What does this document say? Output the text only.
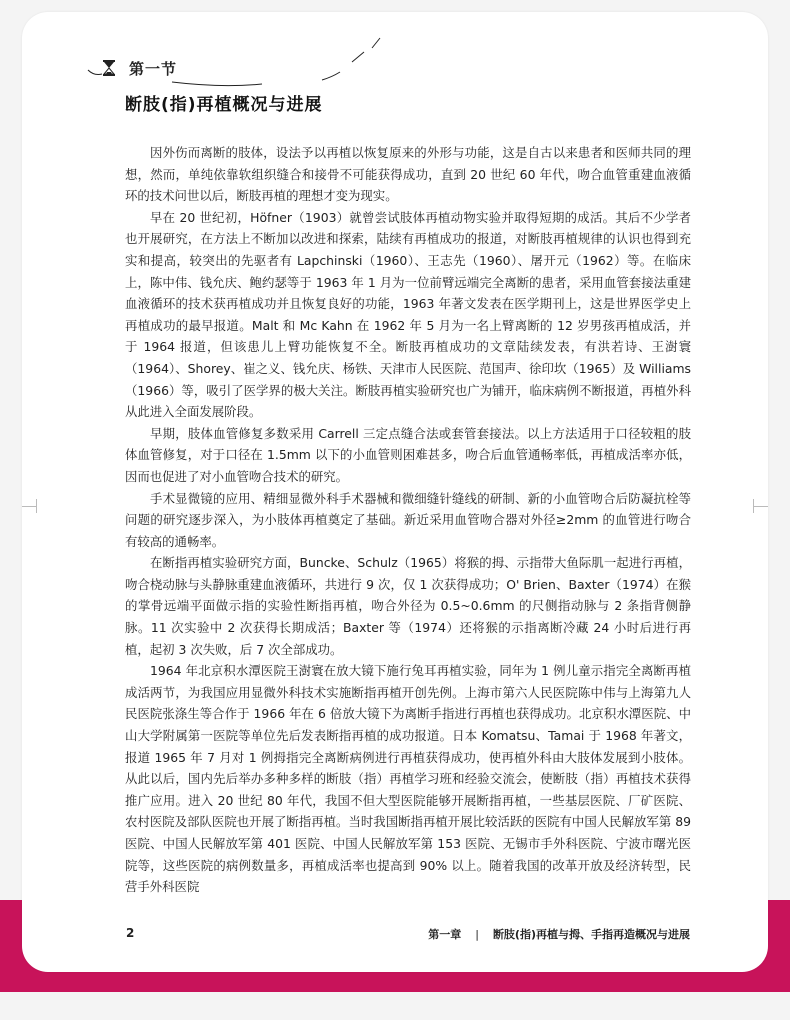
第一节
断肢(指)再植概况与进展

因外伤而离断的肢体，设法予以再植以恢复原来的外形与功能，这是自古以来患者和医师共同的理想，然而，单纯依靠软组织缝合和接骨不可能获得成功，直到 20 世纪 60 年代，吻合血管重建血液循环的技术问世以后，断肢再植的理想才变为现实。

早在 20 世纪初，Höfner（1903）就曾尝试肢体再植动物实验并取得短期的成活。其后不少学者也开展研究，在方法上不断加以改进和探索，陆续有再植成功的报道，对断肢再植规律的认识也得到充实和提高，较突出的先驱者有 Lapchinski（1960）、王志先（1960）、屠开元（1962）等。在临床上，陈中伟、钱允庆、鲍约瑟等于 1963 年 1 月为一位前臂远端完全离断的患者，采用血管套接法重建血液循环的技术获再植成功并且恢复良好的功能，1963 年著文发表在医学期刊上，这是世界医学史上再植成功的最早报道。Malt 和 Mc Kahn 在 1962 年 5 月为一名上臂离断的 12 岁男孩再植成活，并于 1964 报道，但该患儿上臂功能恢复不全。断肢再植成功的文章陆续发表，有洪若诗、王澍寰（1964）、Shorey、崔之义、钱允庆、杨铁、天津市人民医院、范国声、徐印坎（1965）及 Williams（1966）等，吸引了医学界的极大关注。断肢再植实验研究也广为铺开，临床病例不断报道，再植外科从此进入全面发展阶段。

早期，肢体血管修复多数采用 Carrell 三定点缝合法或套管套接法。以上方法适用于口径较粗的肢体血管修复，对于口径在 1.5mm 以下的小血管则困难甚多，吻合后血管通畅率低，再植成活率亦低，因而也促进了对小血管吻合技术的研究。

手术显微镜的应用、精细显微外科手术器械和微细缝针缝线的研制、新的小血管吻合后防凝抗栓等问题的研究逐步深入，为小肢体再植奠定了基础。新近采用血管吻合器对外径≥2mm 的血管进行吻合有较高的通畅率。

在断指再植实验研究方面，Buncke、Schulz（1965）将猴的拇、示指带大鱼际肌一起进行再植，吻合桡动脉与头静脉重建血液循环，共进行 9 次，仅 1 次获得成功；O' Brien、Baxter（1974）在猴的掌骨远端平面做示指的实验性断指再植，吻合外径为 0.5~0.6mm 的尺侧指动脉与 2 条指背侧静脉。11 次实验中 2 次获得长期成活；Baxter 等（1974）还将猴的示指离断冷藏 24 小时后进行再植，起初 3 次失败，后 7 次全部成功。

1964 年北京积水潭医院王澍寰在放大镜下施行兔耳再植实验，同年为 1 例儿童示指完全离断再植成活两节，为我国应用显微外科技术实施断指再植开创先例。上海市第六人民医院陈中伟与上海第九人民医院张涤生等合作于 1966 年在 6 倍放大镜下为离断手指进行再植也获得成功。北京积水潭医院、中山大学附属第一医院等单位先后发表断指再植的成功报道。日本 Komatsu、Tamai 于 1968 年著文，报道 1965 年 7 月对 1 例拇指完全离断病例进行再植获得成功，使再植外科由大肢体发展到小肢体。从此以后，国内先后举办多种多样的断肢（指）再植学习班和经验交流会，使断肢（指）再植技术获得推广应用。进入 20 世纪 80 年代，我国不但大型医院能够开展断指再植，一些基层医院、厂矿医院、农村医院及部队医院也开展了断指再植。当时我国断指再植开展比较活跃的医院有中国人民解放军第 89 医院、中国人民解放军第 401 医院、中国人民解放军第 153 医院、无锡市手外科医院、宁波市曙光医院等，这些医院的病例数量多，再植成活率也提高到 90% 以上。随着我国的改革开放及经济转型，民营手外科医院

2	第一章 | 断肢(指)再植与拇、手指再造概况与进展
